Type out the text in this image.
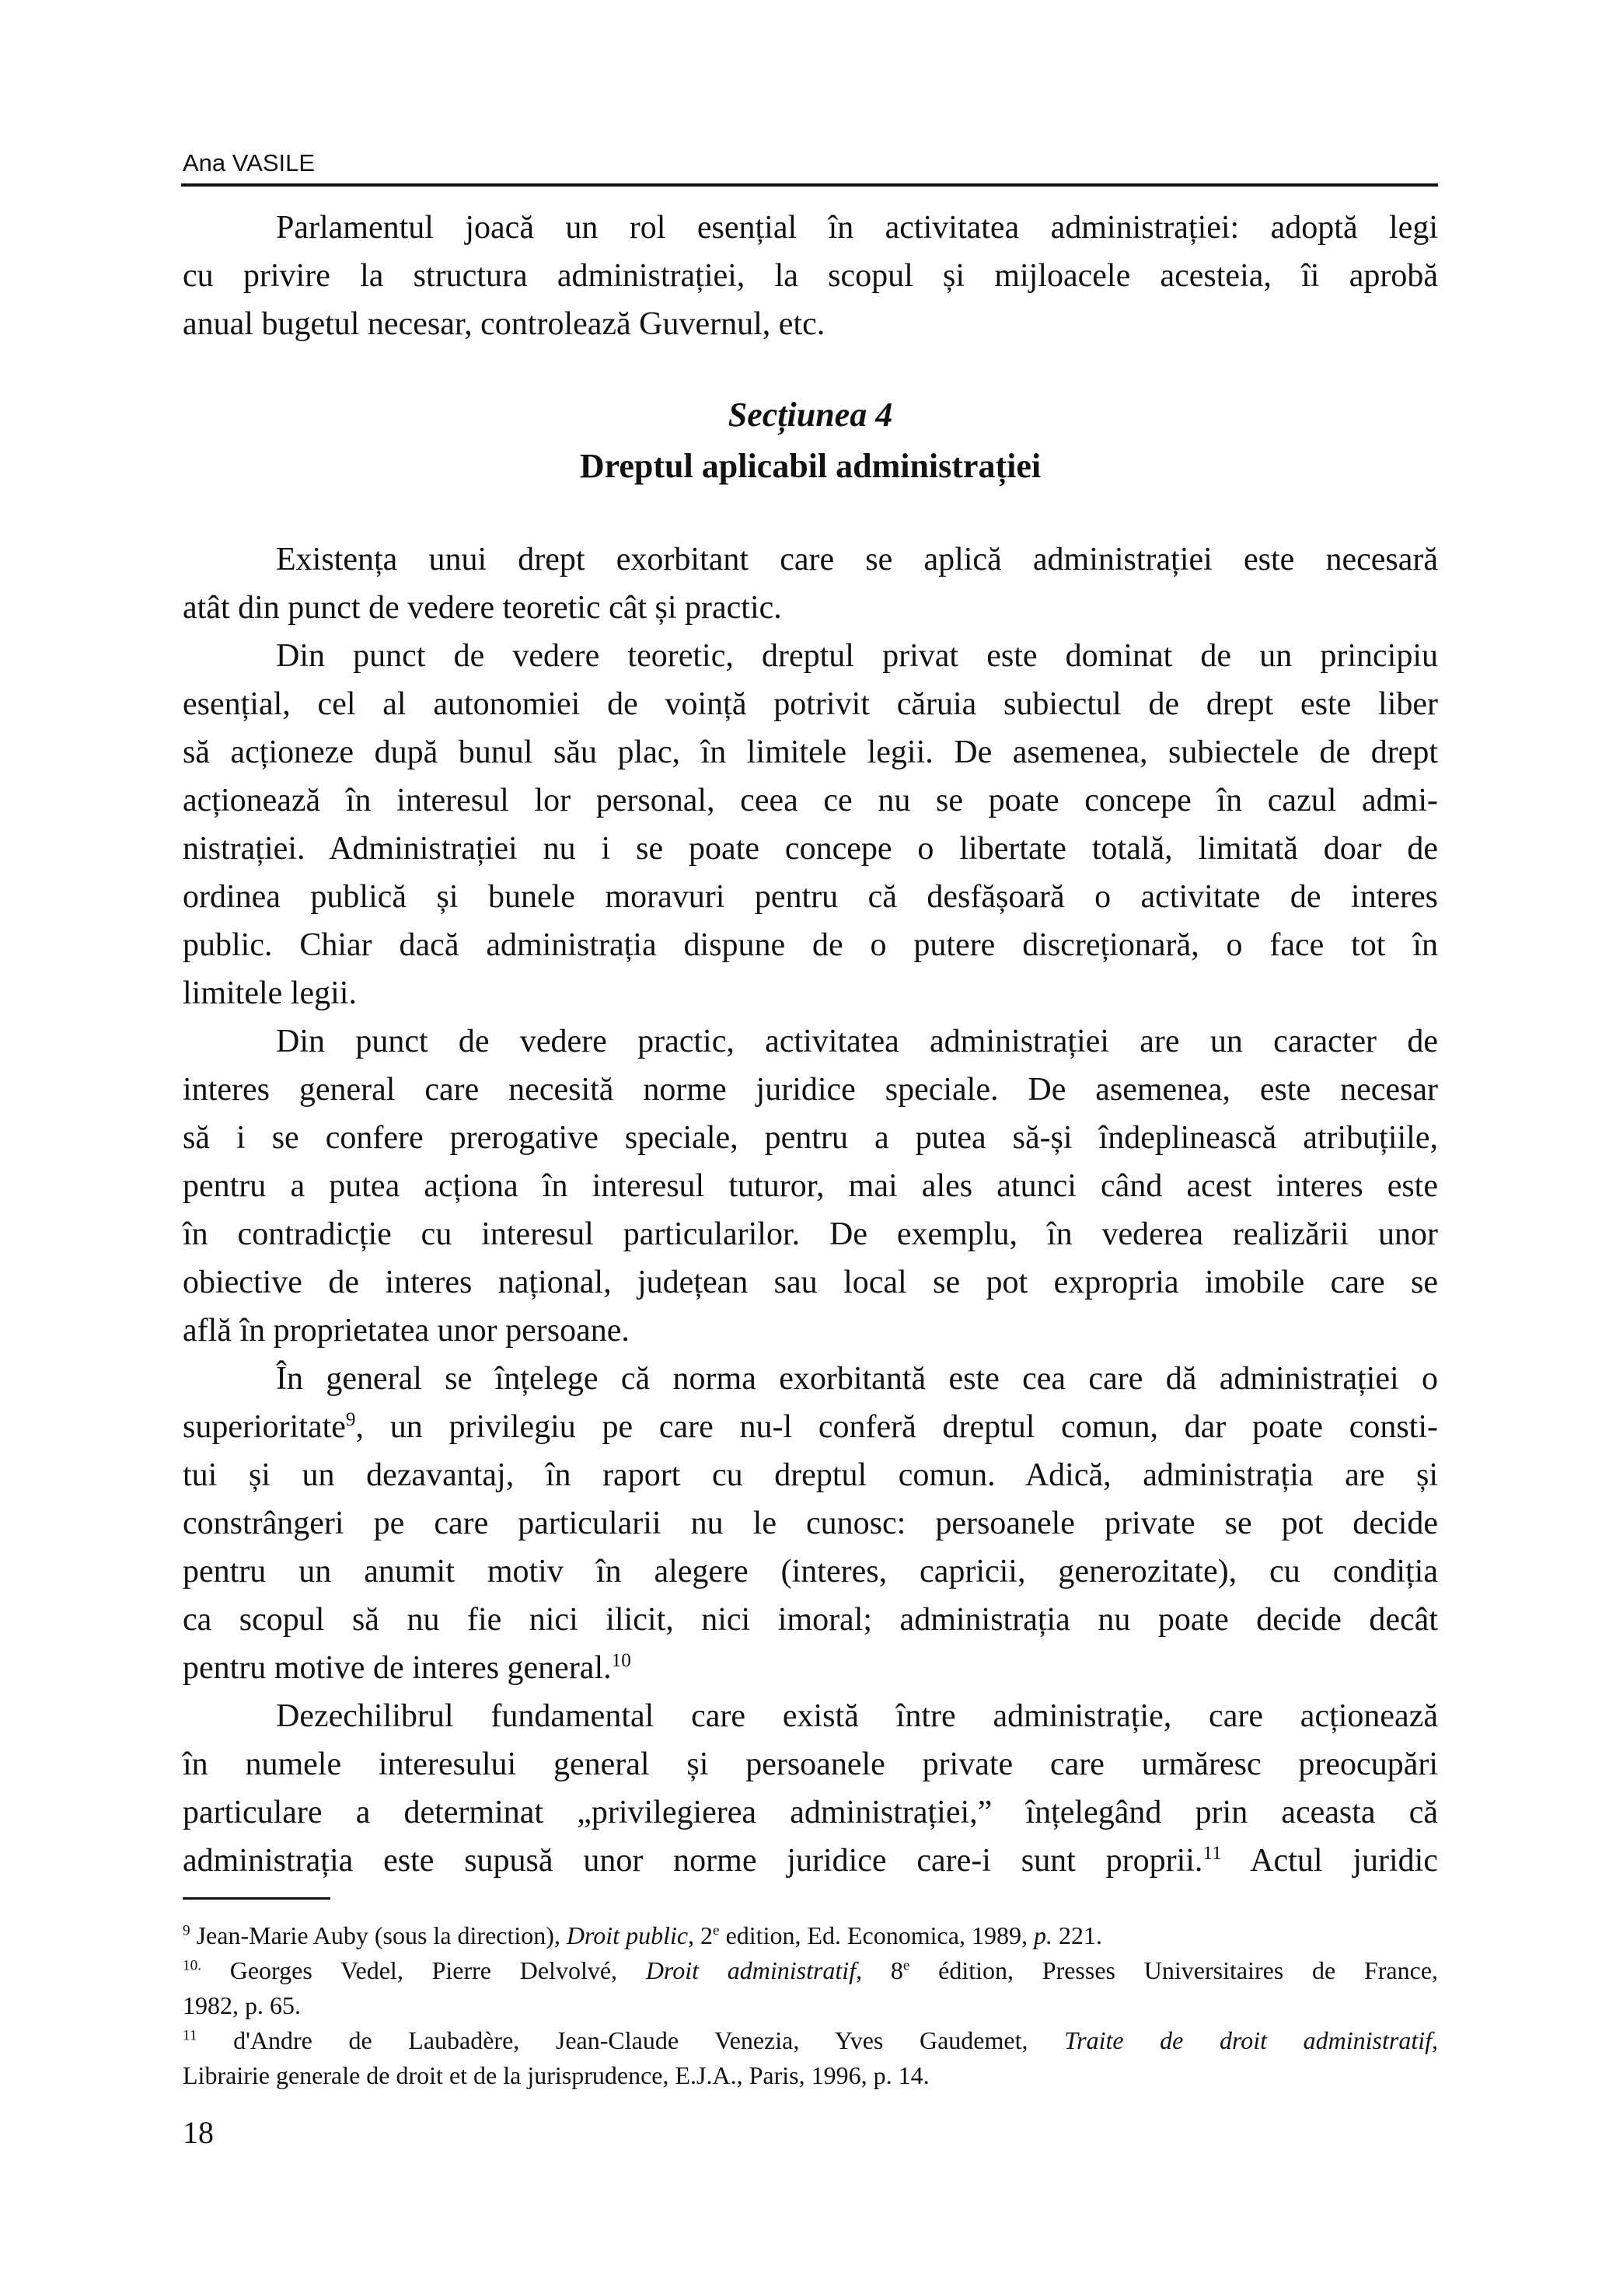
Ana VASILE
Parlamentul joacă un rol esențial în activitatea administrației: adoptă legi
cu privire la structura administrației, la scopul și mijloacele acesteia, îi aprobă
anual bugetul necesar, controlează Guvernul, etc.
Secțiunea 4
Dreptul aplicabil administrației
Existența unui drept exorbitant care se aplică administrației este necesară
atât din punct de vedere teoretic cât și practic.
Din punct de vedere teoretic, dreptul privat este dominat de un principiu
esențial, cel al autonomiei de voință potrivit căruia subiectul de drept este liber
să acționeze după bunul său plac, în limitele legii. De asemenea, subiectele de drept
acționează în interesul lor personal, ceea ce nu se poate concepe în cazul admi-
nistrației. Administrației nu i se poate concepe o libertate totală, limitată doar de
ordinea publică și bunele moravuri pentru că desfășoară o activitate de interes
public. Chiar dacă administrația dispune de o putere discreționară, o face tot în
limitele legii.
Din punct de vedere practic, activitatea administrației are un caracter de
interes general care necesită norme juridice speciale. De asemenea, este necesar
să i se confere prerogative speciale, pentru a putea să-și îndeplinească atribuțiile,
pentru a putea acționa în interesul tuturor, mai ales atunci când acest interes este
în contradicție cu interesul particularilor. De exemplu, în vederea realizării unor
obiective de interes național, județean sau local se pot expropria imobile care se
află în proprietatea unor persoane.
În general se înțelege că norma exorbitantă este cea care dă administrației o
superioritate$^9$, un privilegiu pe care nu-l conferă dreptul comun, dar poate consti-
tui și un dezavantaj, în raport cu dreptul comun. Adică, administrația are și
constrângeri pe care particularii nu le cunosc: persoanele private se pot decide
pentru un anumit motiv în alegere (interes, capricii, generozitate), cu condiția
ca scopul să nu fie nici ilicit, nici imoral; administrația nu poate decide decât
pentru motive de interes general.$^{10}$
Dezechilibrul fundamental care există între administrație, care acționează
în numele interesului general și persoanele private care urmăresc preocupări
particulare a determinat „privilegierea administrației,” înțelegând prin aceasta că
administrația este supusă unor norme juridice care-i sunt proprii.$^{11}$ Actul juridic
$^9$ Jean-Marie Auby (sous la direction), Droit public, 2e edition, Ed. Economica, 1989, p. 221.
$^{10.}$ Georges Vedel, Pierre Delvolvé, Droit administratif, 8e édition, Presses Universitaires de France,
1982, p. 65.
$^{11}$ d'Andre de Laubadère, Jean-Claude Venezia, Yves Gaudemet, Traite de droit administratif,
Librairie generale de droit et de la jurisprudence, E.J.A., Paris, 1996, p. 14.
18
